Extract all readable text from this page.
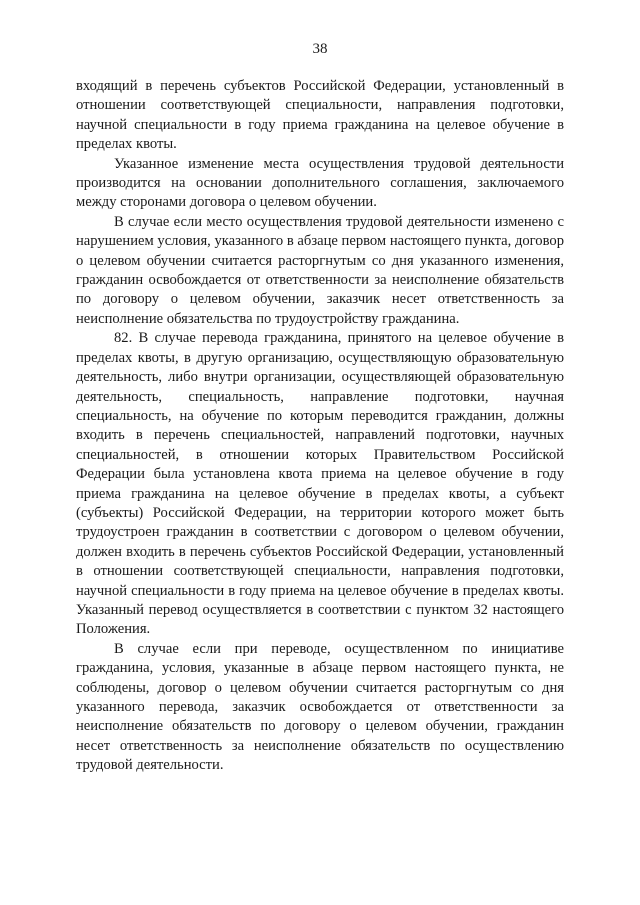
38

входящий в перечень субъектов Российской Федерации, установленный в отношении соответствующей специальности, направления подготовки, научной специальности в году приема гражданина на целевое обучение в пределах квоты.

Указанное изменение места осуществления трудовой деятельности производится на основании дополнительного соглашения, заключаемого между сторонами договора о целевом обучении.

В случае если место осуществления трудовой деятельности изменено с нарушением условия, указанного в абзаце первом настоящего пункта, договор о целевом обучении считается расторгнутым со дня указанного изменения, гражданин освобождается от ответственности за неисполнение обязательств по договору о целевом обучении, заказчик несет ответственность за неисполнение обязательства по трудоустройству гражданина.

82. В случае перевода гражданина, принятого на целевое обучение в пределах квоты, в другую организацию, осуществляющую образовательную деятельность, либо внутри организации, осуществляющей образовательную деятельность, специальность, направление подготовки, научная специальность, на обучение по которым переводится гражданин, должны входить в перечень специальностей, направлений подготовки, научных специальностей, в отношении которых Правительством Российской Федерации была установлена квота приема на целевое обучение в году приема гражданина на целевое обучение в пределах квоты, а субъект (субъекты) Российской Федерации, на территории которого может быть трудоустроен гражданин в соответствии с договором о целевом обучении, должен входить в перечень субъектов Российской Федерации, установленный в отношении соответствующей специальности, направления подготовки, научной специальности в году приема на целевое обучение в пределах квоты. Указанный перевод осуществляется в соответствии с пунктом 32 настоящего Положения.

В случае если при переводе, осуществленном по инициативе гражданина, условия, указанные в абзаце первом настоящего пункта, не соблюдены, договор о целевом обучении считается расторгнутым со дня указанного перевода, заказчик освобождается от ответственности за неисполнение обязательств по договору о целевом обучении, гражданин несет ответственность за неисполнение обязательств по осуществлению трудовой деятельности.
